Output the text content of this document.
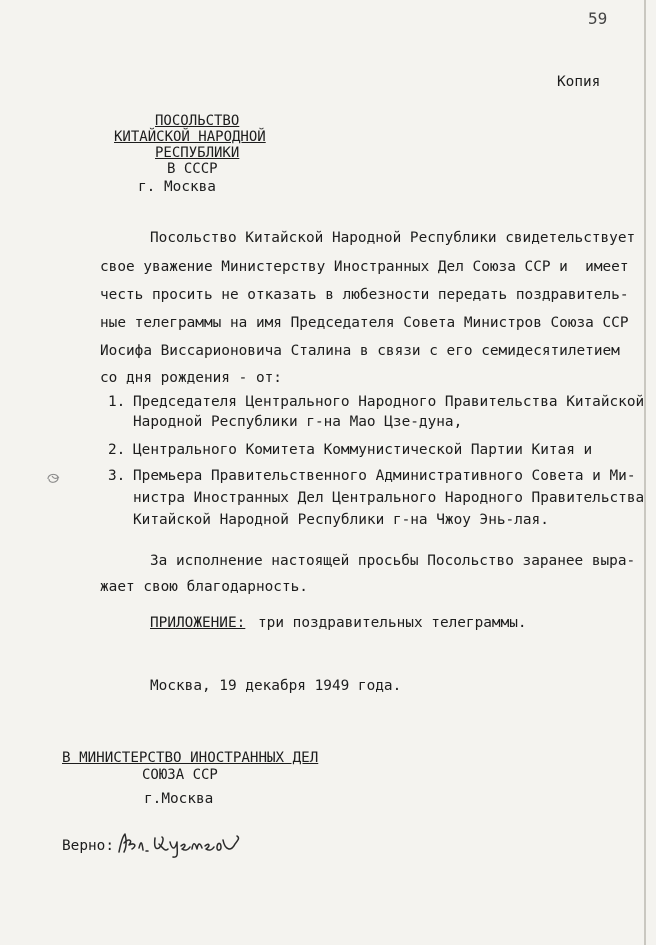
59
Копия
ПОСОЛЬСТВО
КИТАЙСКОЙ НАРОДНОЙ
РЕСПУБЛИКИ
В СССР
г. Москва
Посольство Китайской Народной Республики свидетельствует
свое уважение Министерству Иностранных Дел Союза ССР и  имеет
честь просить не отказать в любезности передать поздравитель-
ные телеграммы на имя Председателя Совета Министров Союза ССР
Иосифа Виссарионовича Сталина в связи с его семидесятилетием
со дня рождения - от:
1. Председателя Центрального Народного Правительства Китайской
Народной Республики г-на Мао Цзе-дуна,
2. Центрального Комитета Коммунистической Партии Китая и
3. Премьера Правительственного Административного Совета и Ми-
нистра Иностранных Дел Центрального Народного Правительства
Китайской Народной Республики г-на Чжоу Энь-лая.
За исполнение настоящей просьбы Посольство заранее выра-
жает свою благодарность.
ПРИЛОЖЕНИЕ: три поздравительных телеграммы.
Москва, 19 декабря 1949 года.
В МИНИСТЕРСТВО ИНОСТРАННЫХ ДЕЛ
СОЮЗА ССР
г.Москва
Верно:
